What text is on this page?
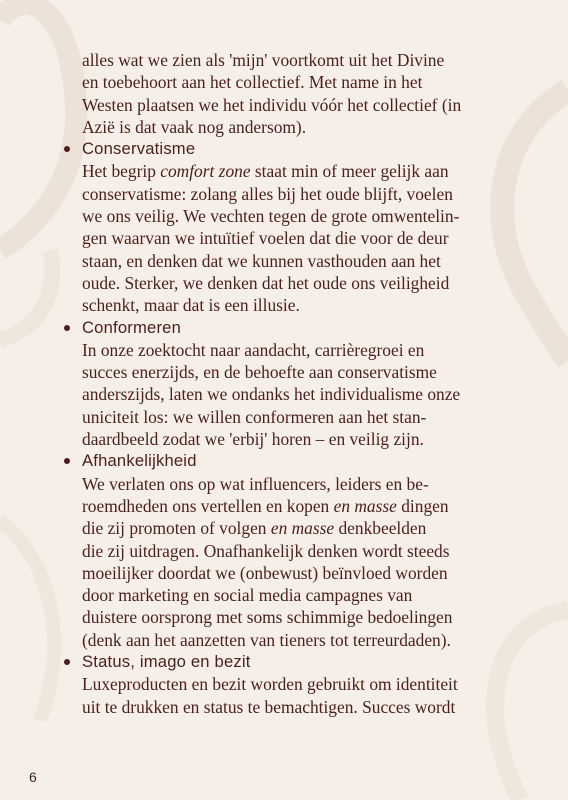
alles wat we zien als 'mijn' voortkomt uit het Divine
en toebehoort aan het collectief. Met name in het
Westen plaatsen we het individu vóór het collectief (in
Azië is dat vaak nog andersom).

Conservatisme

Het begrip comfort zone staat min of meer gelijk aan
conservatisme: zolang alles bij het oude blijft, voelen
we ons veilig. We vechten tegen de grote omwentelin-
gen waarvan we intuïtief voelen dat die voor de deur
staan, en denken dat we kunnen vasthouden aan het
oude. Sterker, we denken dat het oude ons veiligheid
schenkt, maar dat is een illusie.

Conformeren

In onze zoektocht naar aandacht, carrièregroei en
succes enerzijds, en de behoefte aan conservatisme
anderszijds, laten we ondanks het individualisme onze
uniciteit los: we willen conformeren aan het stan-
daardbeeld zodat we 'erbij' horen – en veilig zijn.

Afhankelijkheid

We verlaten ons op wat influencers, leiders en be-
roemdheden ons vertellen en kopen en masse dingen
die zij promoten of volgen en masse denkbeelden
die zij uitdragen. Onafhankelijk denken wordt steeds
moeilijker doordat we (onbewust) beïnvloed worden
door marketing en social media campagnes van
duistere oorsprong met soms schimmige bedoelingen
(denk aan het aanzetten van tieners tot terreurdaden).

Status, imago en bezit

Luxeproducten en bezit worden gebruikt om identiteit
uit te drukken en status te bemachtigen. Succes wordt

6
